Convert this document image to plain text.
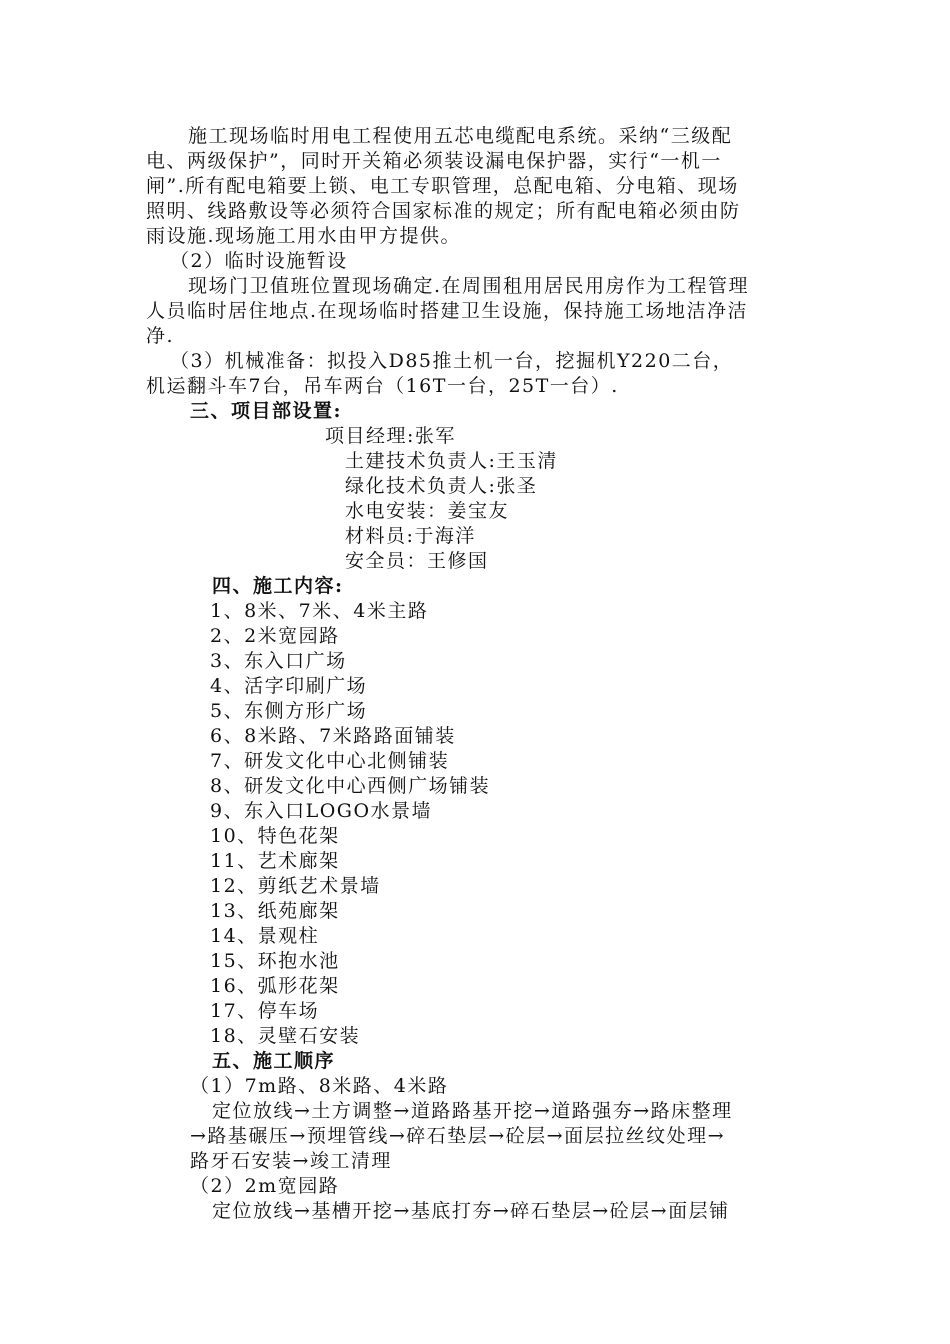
施工现场临时用电工程使用五芯电缆配电系统。采纳“三级配
电、两级保护”，同时开关箱必须装设漏电保护器，实行“一机一
闸”.所有配电箱要上锁、电工专职管理，总配电箱、分电箱、现场
照明、线路敷设等必须符合国家标准的规定；所有配电箱必须由防
雨设施.现场施工用水由甲方提供。
（2）临时设施暂设
现场门卫值班位置现场确定.在周围租用居民用房作为工程管理
人员临时居住地点.在现场临时搭建卫生设施，保持施工场地洁净洁
净.
（3）机械准备：拟投入D85推土机一台，挖掘机Y220二台，
机运翻斗车7台，吊车两台（16T一台，25T一台）.
三、项目部设置:
项目经理:张军
土建技术负责人:王玉清
绿化技术负责人:张圣
水电安装：姜宝友
材料员:于海洋
安全员：王修国
四、施工内容:
1、8米、7米、4米主路
2、2米宽园路
3、东入口广场
4、活字印刷广场
5、东侧方形广场
6、8米路、7米路路面铺装
7、研发文化中心北侧铺装
8、研发文化中心西侧广场铺装
9、东入口LOGO水景墙
10、特色花架
11、艺术廊架
12、剪纸艺术景墙
13、纸苑廊架
14、景观柱
15、环抱水池
16、弧形花架
17、停车场
18、灵壁石安装
五、施工顺序
（1）7m路、8米路、4米路
定位放线→土方调整→道路路基开挖→道路强夯→路床整理
→路基碾压→预埋管线→碎石垫层→砼层→面层拉丝纹处理→
路牙石安装→竣工清理
（2）2m宽园路
定位放线→基槽开挖→基底打夯→碎石垫层→砼层→面层铺
